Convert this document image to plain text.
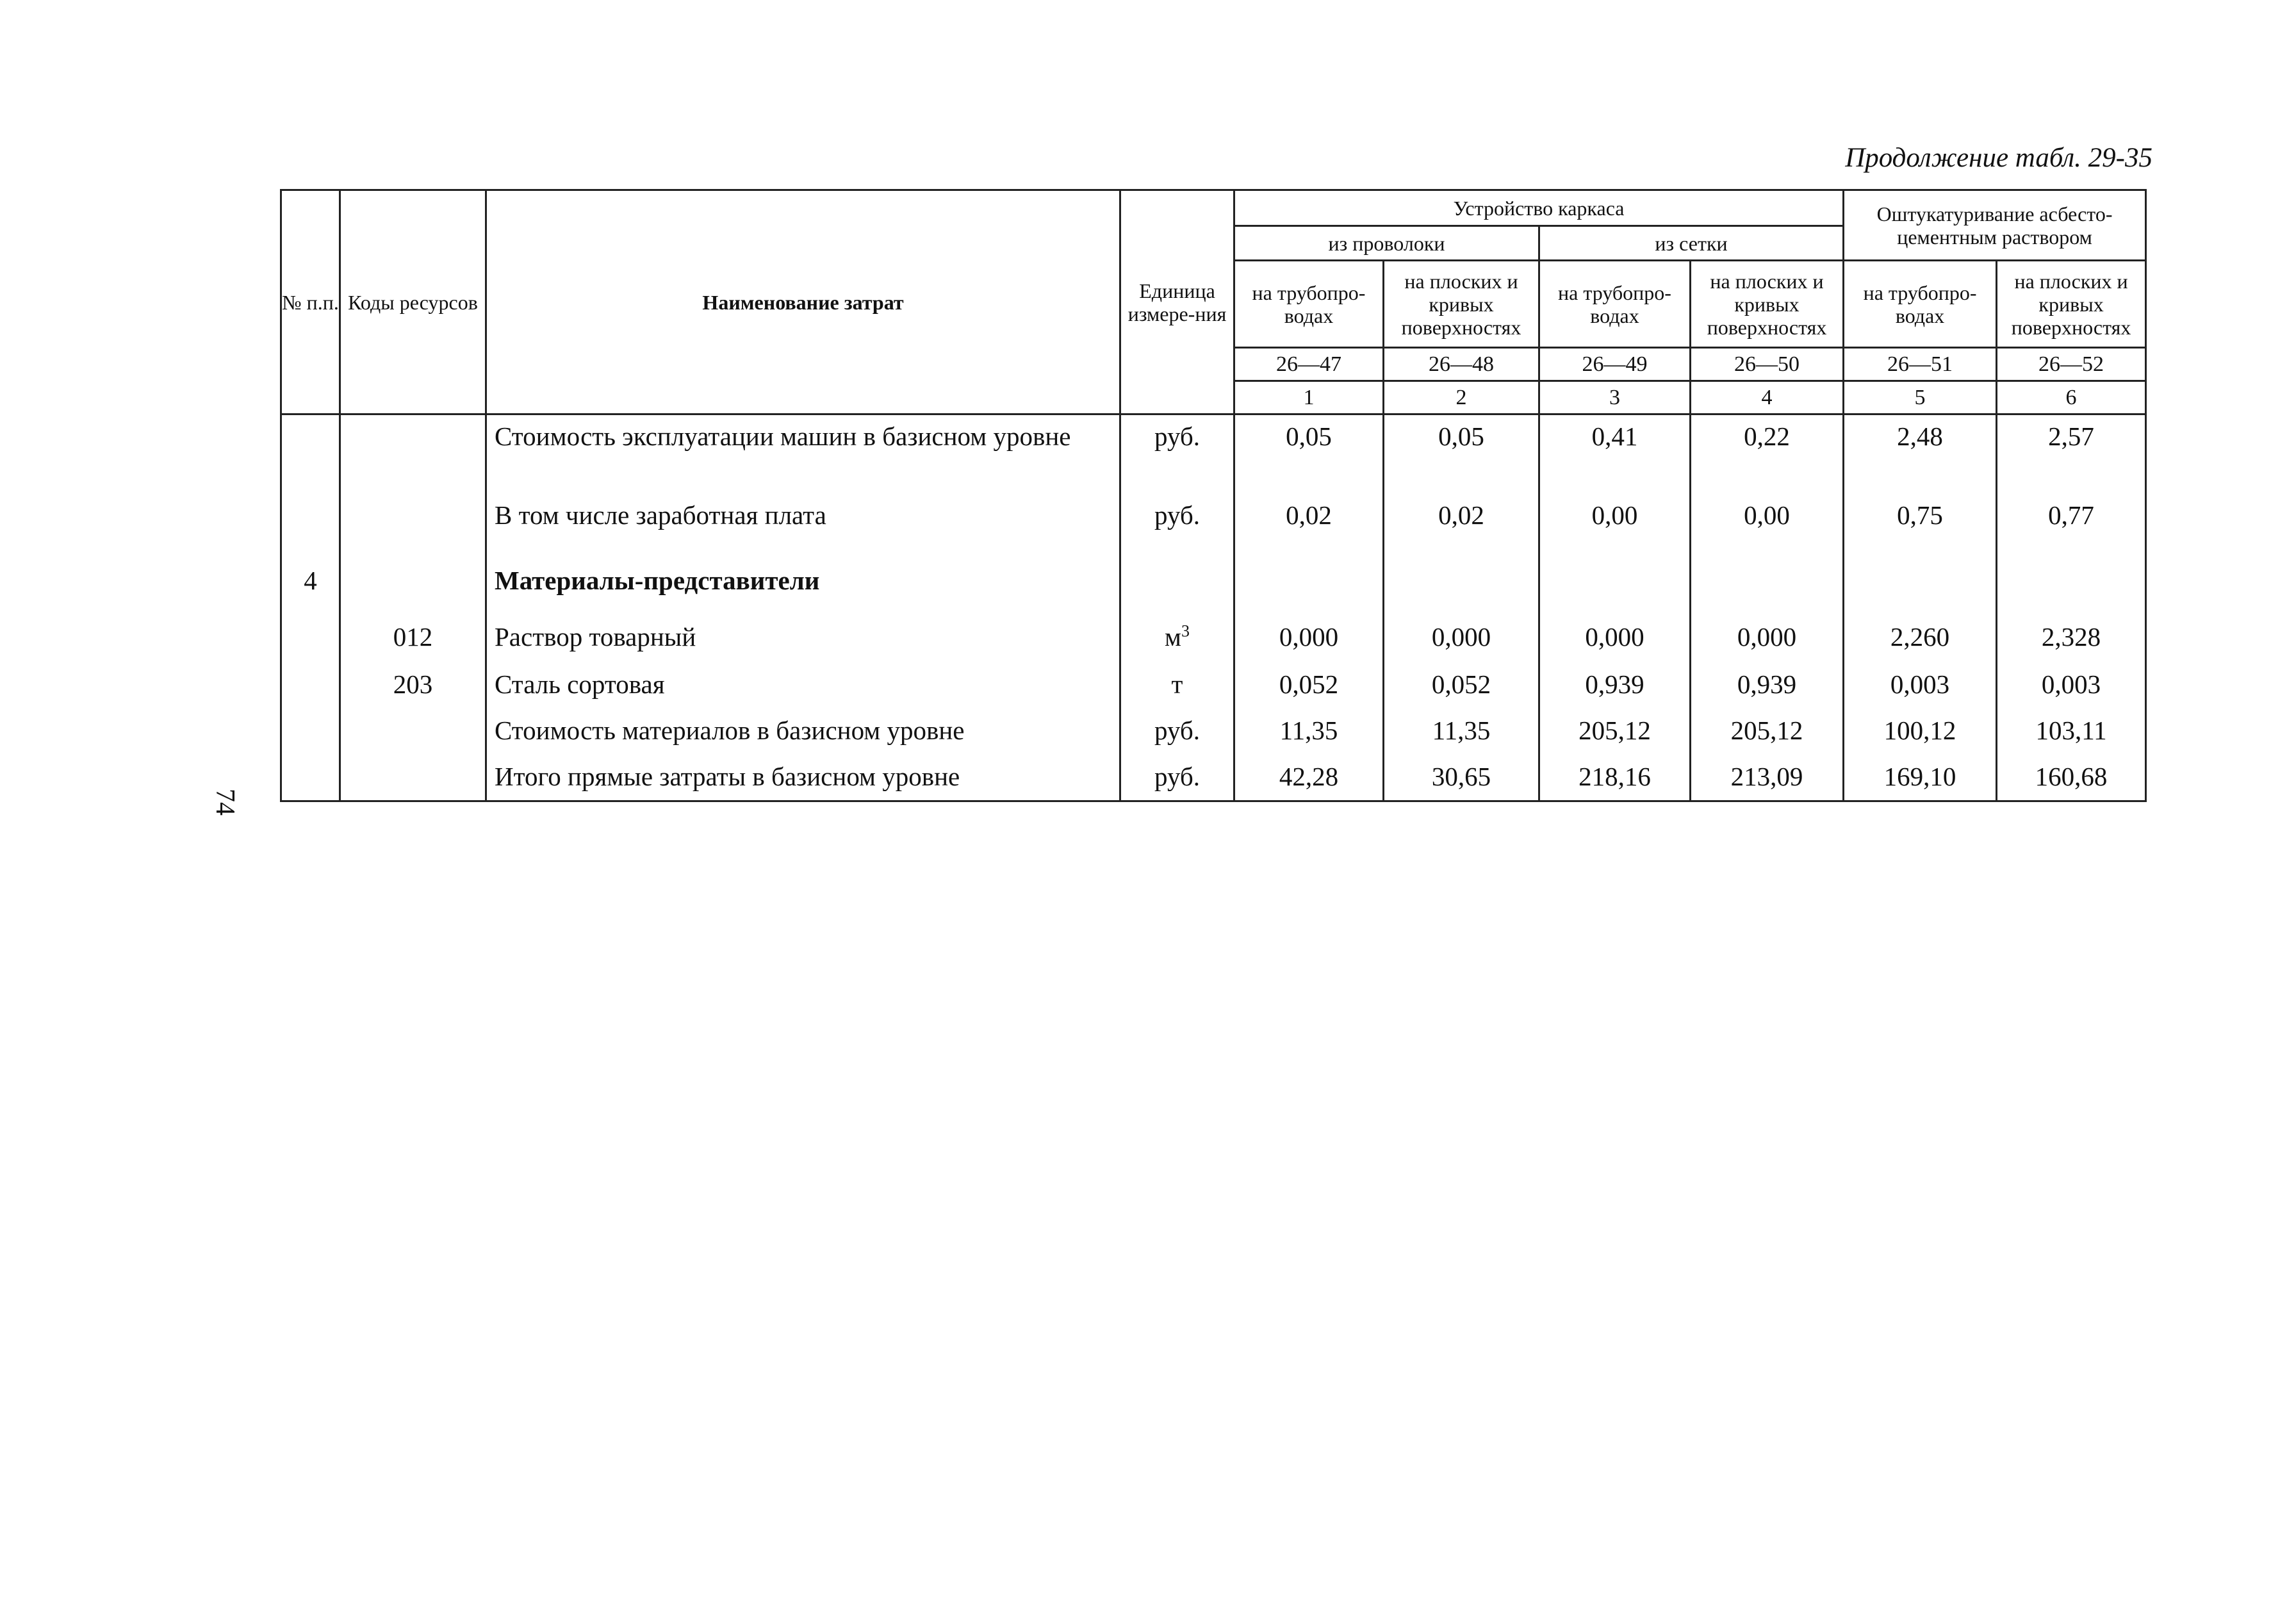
Продолжение табл. 29-35
74
№ п.п.	Коды ресурсов	Наименование затрат	Единица измере-ния	Устройство каркаса				Оштукатуривание асбесто-цементным раствором	
				из проволоки		из сетки			
				на трубопро-водах	на плоских и кривых поверхностях	на трубопро-водах	на плоских и кривых поверхностях	на трубопро-водах	на плоских и кривых поверхностях
				26—47	26—48	26—49	26—50	26—51	26—52
				1	2	3	4	5	6
		Стоимость эксплуатации машин в базисном уровне	руб.	0,05	0,05	0,41	0,22	2,48	2,57
		В том числе заработная плата	руб.	0,02	0,02	0,00	0,00	0,75	0,77
4		Материалы-представители							
	012	Раствор товарный	$м^3$	0,000	0,000	0,000	0,000	2,260	2,328
	203	Сталь сортовая	т	0,052	0,052	0,939	0,939	0,003	0,003
		Стоимость материалов в базисном уровне	руб.	11,35	11,35	205,12	205,12	100,12	103,11
		Итого прямые затраты в базисном уровне	руб.	42,28	30,65	218,16	213,09	169,10	160,68
